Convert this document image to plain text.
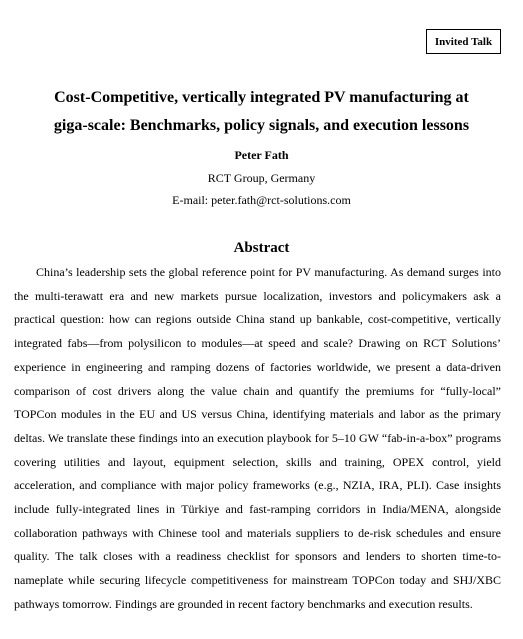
Invited Talk
Cost-Competitive, vertically integrated PV manufacturing at
giga-scale: Benchmarks, policy signals, and execution lessons
Peter Fath
RCT Group, Germany
E-mail: peter.fath@rct-solutions.com
Abstract

China’s leadership sets the global reference point for PV manufacturing. As demand surges into the multi-terawatt era and new markets pursue localization, investors and policymakers ask a practical question: how can regions outside China stand up bankable, cost-competitive, vertically integrated fabs—from polysilicon to modules—at speed and scale? Drawing on RCT Solutions’ experience in engineering and ramping dozens of factories worldwide, we present a data-driven comparison of cost drivers along the value chain and quantify the premiums for “fully-local” TOPCon modules in the EU and US versus China, identifying materials and labor as the primary deltas. We translate these findings into an execution playbook for 5–10 GW “fab-in-a-box” programs covering utilities and layout, equipment selection, skills and training, OPEX control, yield acceleration, and compliance with major policy frameworks (e.g., NZIA, IRA, PLI). Case insights include fully-integrated lines in Türkiye and fast-ramping corridors in India/MENA, alongside collaboration pathways with Chinese tool and materials suppliers to de-risk schedules and ensure quality. The talk closes with a readiness checklist for sponsors and lenders to shorten time-to-nameplate while securing lifecycle competitiveness for mainstream TOPCon today and SHJ/XBC pathways tomorrow. Findings are grounded in recent factory benchmarks and execution results.
